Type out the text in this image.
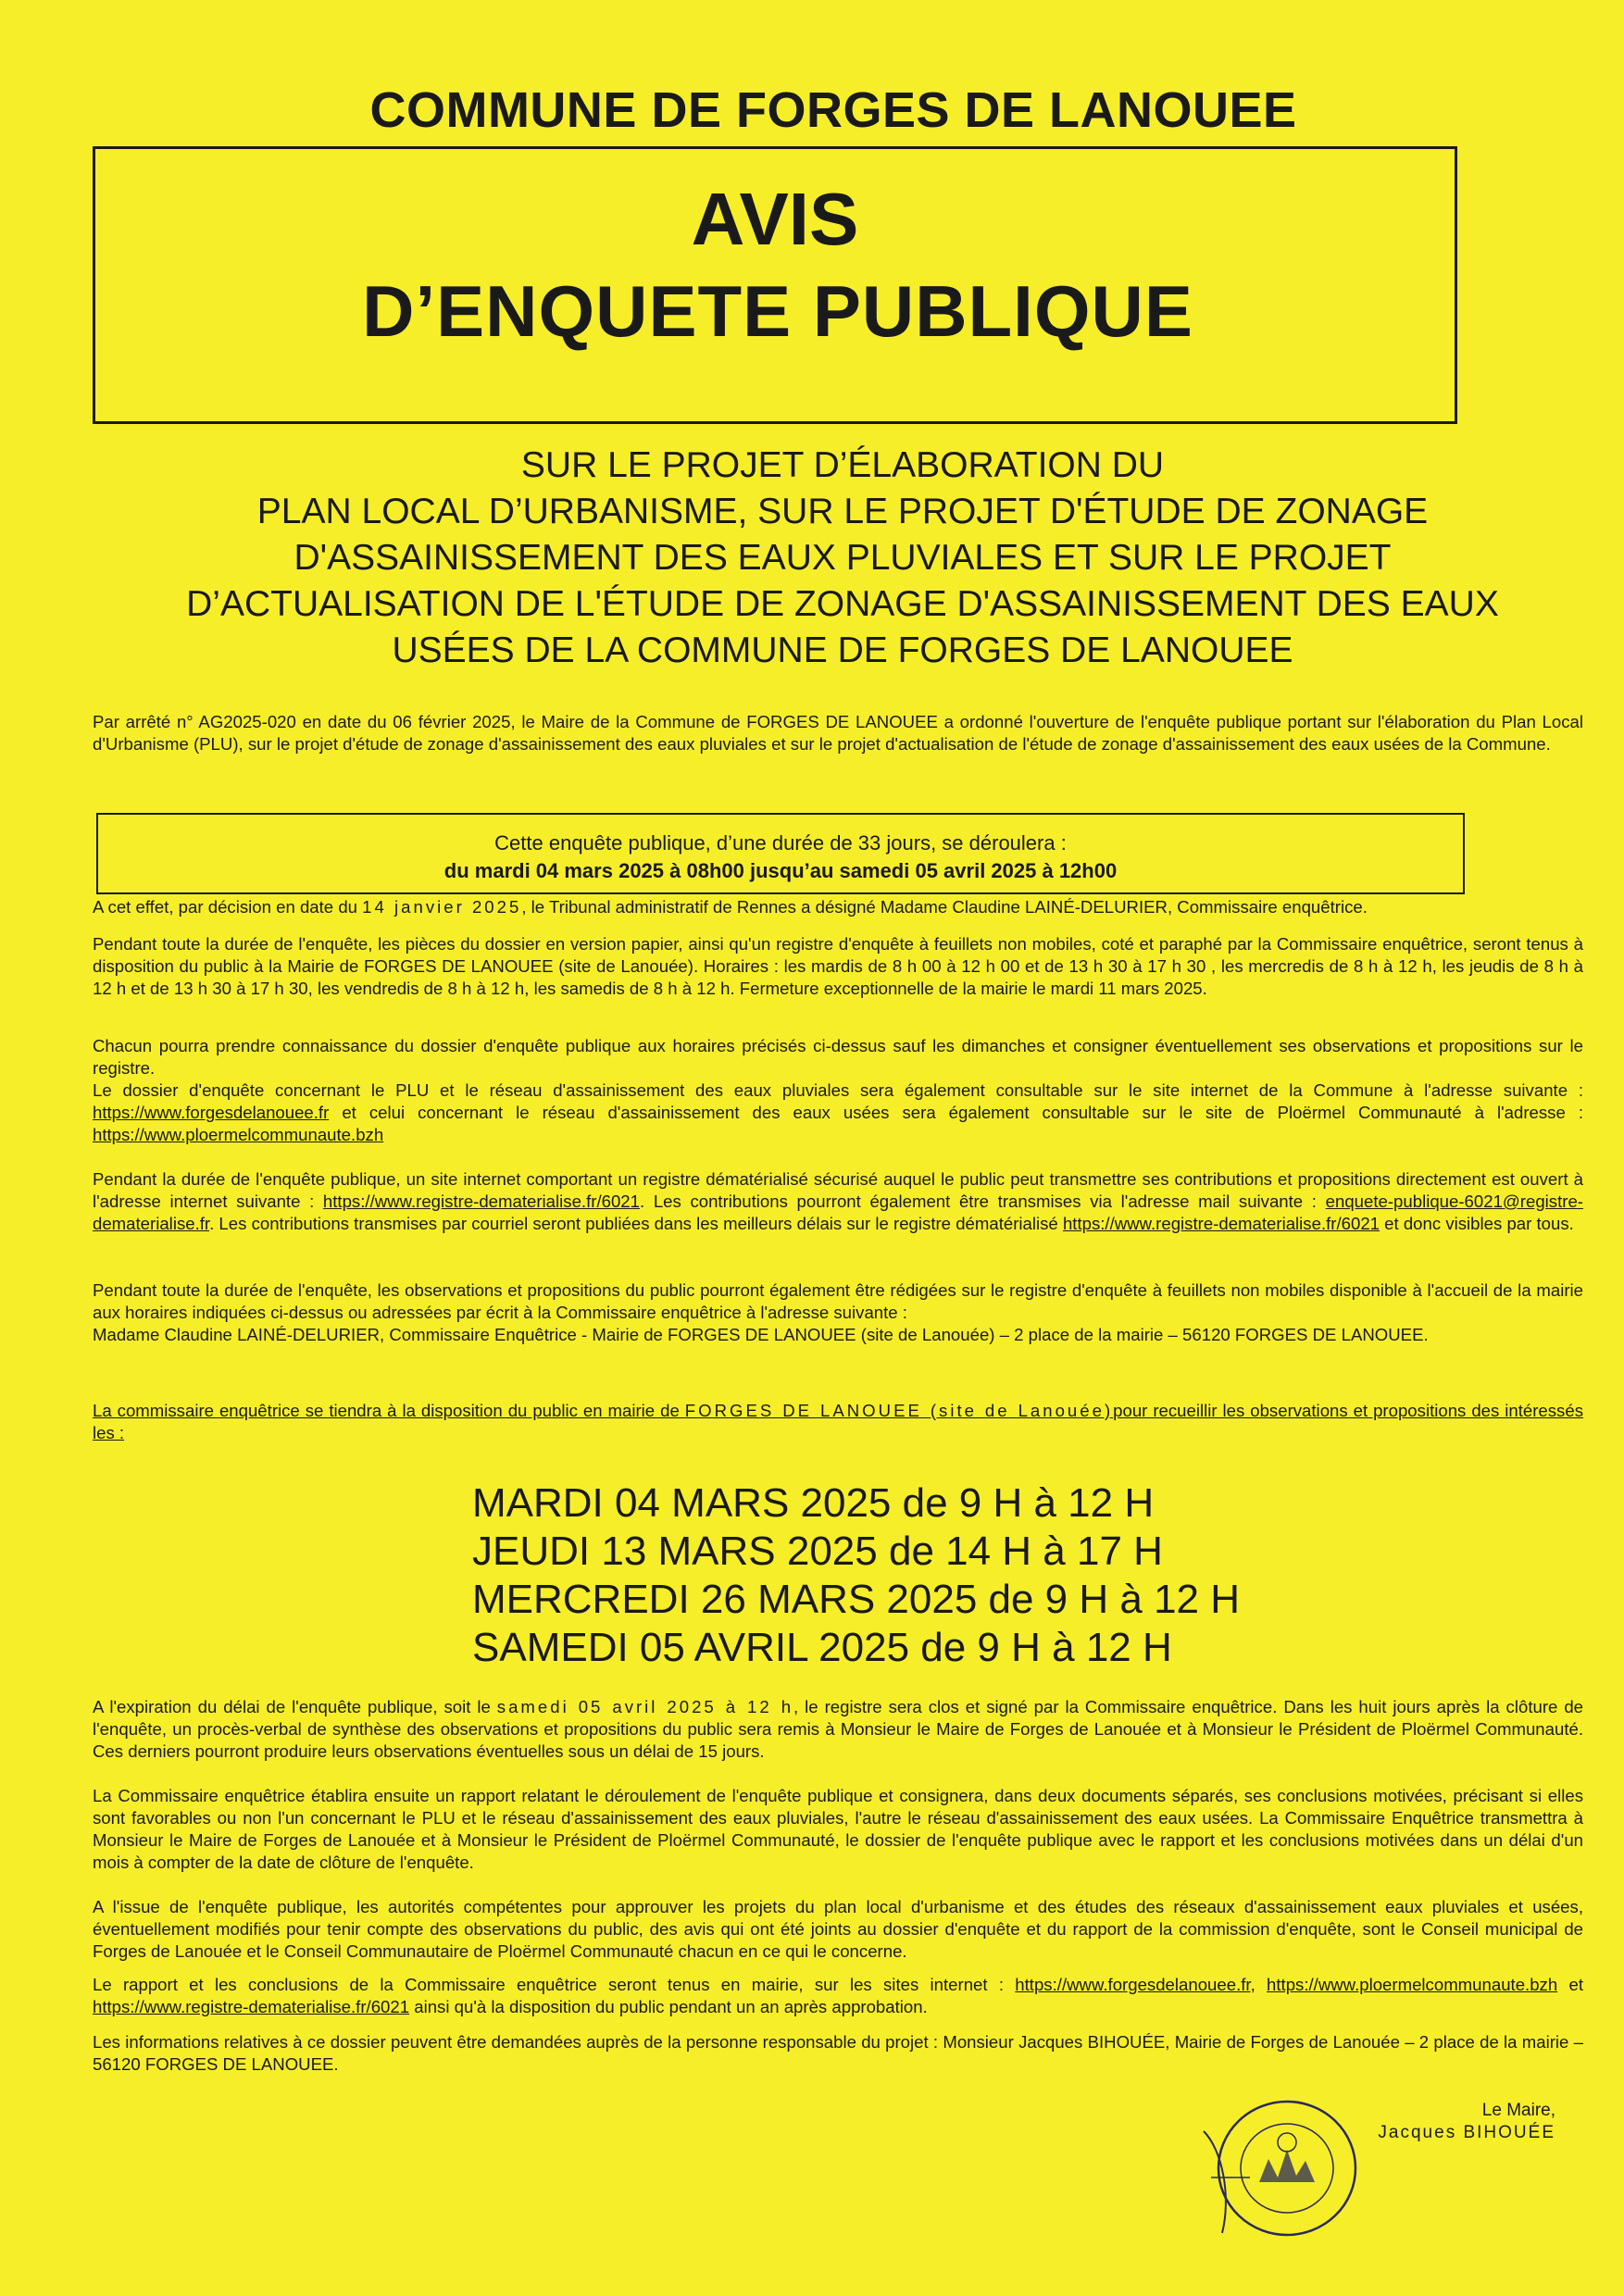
COMMUNE DE FORGES DE LANOUEE
AVIS
D’ENQUETE PUBLIQUE
SUR LE PROJET D’ÉLABORATION DU
PLAN LOCAL D’URBANISME, SUR LE PROJET D'ÉTUDE DE ZONAGE
D'ASSAINISSEMENT DES EAUX PLUVIALES ET SUR LE PROJET
D’ACTUALISATION DE L'ÉTUDE DE ZONAGE D'ASSAINISSEMENT DES EAUX
USÉES DE LA COMMUNE DE FORGES DE LANOUEE

Par arrêté n° AG2025-020 en date du 06 février 2025, le Maire de la Commune de FORGES DE LANOUEE a ordonné l'ouverture de l'enquête publique portant sur l'élaboration du Plan Local d'Urbanisme (PLU), sur le projet d'étude de zonage d'assainissement des eaux pluviales et sur le projet d'actualisation de l'étude de zonage d'assainissement des eaux usées de la Commune.

Cette enquête publique, d’une durée de 33 jours, se déroulera :
du mardi 04 mars 2025 à 08h00 jusqu’au samedi 05 avril 2025 à 12h00

A cet effet, par décision en date du 14 janvier 2025, le Tribunal administratif de Rennes a désigné Madame Claudine LAINÉ-DELURIER, Commissaire enquêtrice.

Pendant toute la durée de l'enquête, les pièces du dossier en version papier, ainsi qu'un registre d'enquête à feuillets non mobiles, coté et paraphé par la Commissaire enquêtrice, seront tenus à disposition du public à la Mairie de FORGES DE LANOUEE (site de Lanouée). Horaires : les mardis de 8 h 00 à 12 h 00 et de 13 h 30 à 17 h 30 , les mercredis de 8 h à 12 h, les jeudis de 8 h à 12 h et de 13 h 30 à 17 h 30, les vendredis de 8 h à 12 h, les samedis de 8 h à 12 h. Fermeture exceptionnelle de la mairie le mardi 11 mars 2025.

Chacun pourra prendre connaissance du dossier d'enquête publique aux horaires précisés ci-dessus sauf les dimanches et consigner éventuellement ses observations et propositions sur le registre.

Le dossier d'enquête concernant le PLU et le réseau d'assainissement des eaux pluviales sera également consultable sur le site internet de la Commune à l'adresse suivante : https://www.forgesdelanouee.fr et celui concernant le réseau d'assainissement des eaux usées sera également consultable sur le site de Ploërmel Communauté à l'adresse : https://www.ploermelcommunaute.bzh

Pendant la durée de l'enquête publique, un site internet comportant un registre dématérialisé sécurisé auquel le public peut transmettre ses contributions et propositions directement est ouvert à l'adresse internet suivante : https://www.registre-dematerialise.fr/6021. Les contributions pourront également être transmises via l'adresse mail suivante : enquete-publique-6021@registre-dematerialise.fr. Les contributions transmises par courriel seront publiées dans les meilleurs délais sur le registre dématérialisé https://www.registre-dematerialise.fr/6021 et donc visibles par tous.

Pendant toute la durée de l'enquête, les observations et propositions du public pourront également être rédigées sur le registre d'enquête à feuillets non mobiles disponible à l'accueil de la mairie aux horaires indiquées ci-dessus ou adressées par écrit à la Commissaire enquêtrice à l'adresse suivante :

Madame Claudine LAINÉ-DELURIER, Commissaire Enquêtrice - Mairie de FORGES DE LANOUEE (site de Lanouée) – 2 place de la mairie – 56120 FORGES DE LANOUEE.

La commissaire enquêtrice se tiendra à la disposition du public en mairie de FORGES DE LANOUEE (site de Lanouée)pour recueillir les observations et propositions des intéressés les :

MARDI 04 MARS 2025 de 9 H à 12 H
JEUDI 13 MARS 2025 de 14 H à 17 H
MERCREDI 26 MARS 2025 de 9 H à 12 H
SAMEDI 05 AVRIL 2025 de 9 H à 12 H

A l'expiration du délai de l'enquête publique, soit le samedi 05 avril 2025 à 12 h, le registre sera clos et signé par la Commissaire enquêtrice. Dans les huit jours après la clôture de l'enquête, un procès-verbal de synthèse des observations et propositions du public sera remis à Monsieur le Maire de Forges de Lanouée et à Monsieur le Président de Ploërmel Communauté. Ces derniers pourront produire leurs observations éventuelles sous un délai de 15 jours.

La Commissaire enquêtrice établira ensuite un rapport relatant le déroulement de l'enquête publique et consignera, dans deux documents séparés, ses conclusions motivées, précisant si elles sont favorables ou non l'un concernant le PLU et le réseau d'assainissement des eaux pluviales, l'autre le réseau d'assainissement des eaux usées. La Commissaire Enquêtrice transmettra à Monsieur le Maire de Forges de Lanouée et à Monsieur le Président de Ploërmel Communauté, le dossier de l'enquête publique avec le rapport et les conclusions motivées dans un délai d'un mois à compter de la date de clôture de l'enquête.

A l'issue de l'enquête publique, les autorités compétentes pour approuver les projets du plan local d'urbanisme et des études des réseaux d'assainissement eaux pluviales et usées, éventuellement modifiés pour tenir compte des observations du public, des avis qui ont été joints au dossier d'enquête et du rapport de la commission d'enquête, sont le Conseil municipal de Forges de Lanouée et le Conseil Communautaire de Ploërmel Communauté chacun en ce qui le concerne.

Le rapport et les conclusions de la Commissaire enquêtrice seront tenus en mairie, sur les sites internet : https://www.forgesdelanouee.fr, https://www.ploermelcommunaute.bzh et https://www.registre-dematerialise.fr/6021 ainsi qu'à la disposition du public pendant un an après approbation.

Les informations relatives à ce dossier peuvent être demandées auprès de la personne responsable du projet : Monsieur Jacques BIHOUÉE, Mairie de Forges de Lanouée – 2 place de la mairie – 56120 FORGES DE LANOUEE.

Le Maire,
Jacques BIHOUÉE
